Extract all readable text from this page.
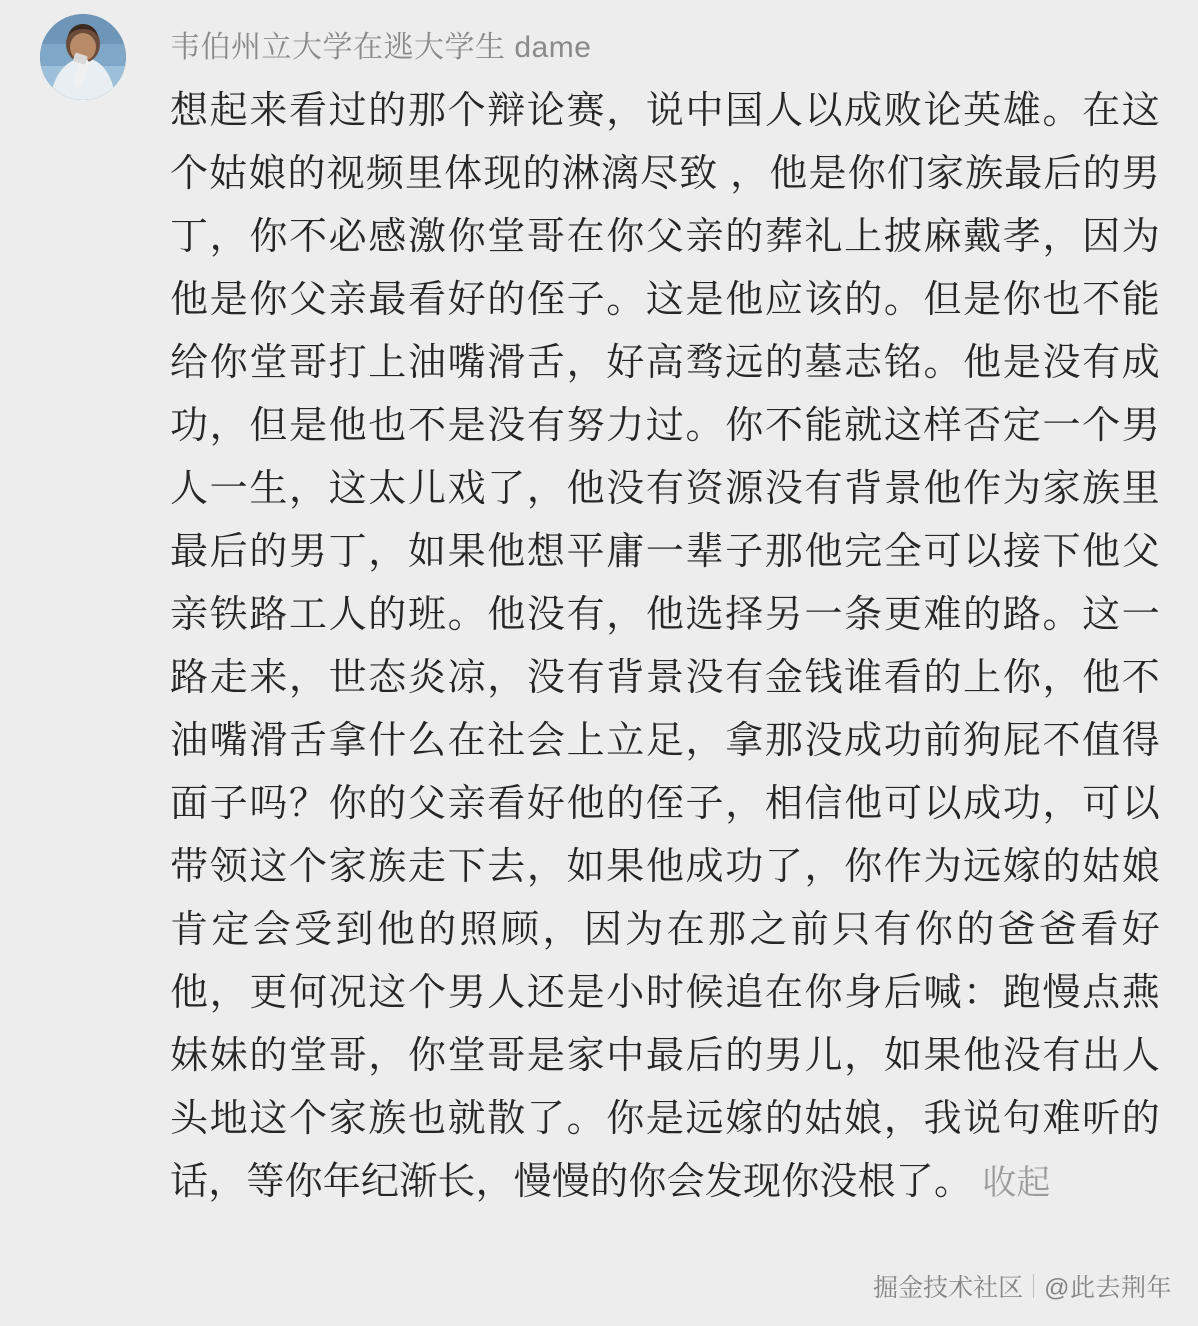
韦伯州立大学在逃大学生 dame
想起来看过的那个辩论赛，说中国人以成败论英雄。在这个姑娘的视频里体现的淋漓尽致 ，他是你们家族最后的男丁，你不必感激你堂哥在你父亲的葬礼上披麻戴孝，因为他是你父亲最看好的侄子。这是他应该的。但是你也不能给你堂哥打上油嘴滑舌，好高骛远的墓志铭。他是没有成功，但是他也不是没有努力过。你不能就这样否定一个男人一生，这太儿戏了，他没有资源没有背景他作为家族里最后的男丁，如果他想平庸一辈子那他完全可以接下他父亲铁路工人的班。他没有，他选择另一条更难的路。这一路走来，世态炎凉，没有背景没有金钱谁看的上你，他不油嘴滑舌拿什么在社会上立足，拿那没成功前狗屁不值得面子吗？你的父亲看好他的侄子，相信他可以成功，可以带领这个家族走下去，如果他成功了，你作为远嫁的姑娘肯定会受到他的照顾，因为在那之前只有你的爸爸看好他，更何况这个男人还是小时候追在你身后喊：跑慢点燕妹妹的堂哥，你堂哥是家中最后的男儿，如果他没有出人头地这个家族也就散了。你是远嫁的姑娘，我说句难听的话，等你年纪渐长，慢慢的你会发现你没根了。 收起
掘金技术社区 @此去荆年
